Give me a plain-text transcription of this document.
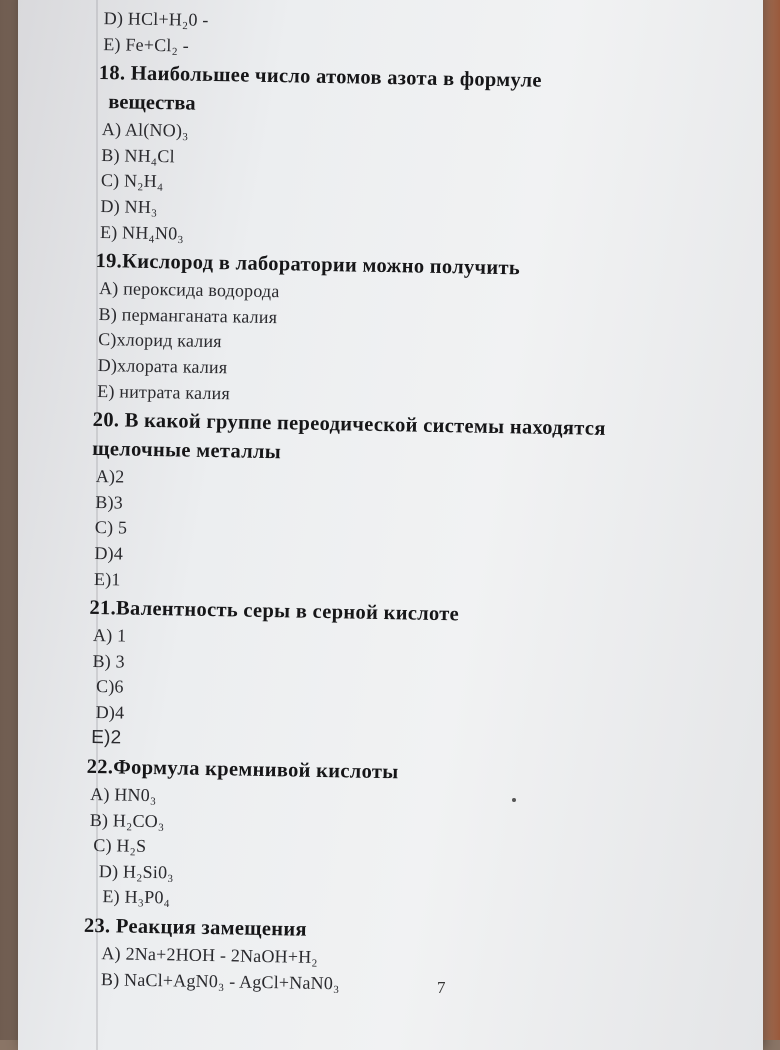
D) HCl+H₂0 -
E) Fe+Cl₂ -
18. Наибольшее число атомов азота в формуле
вещества
A) Al(NO)₃
B) NH₄Cl
C) N₂H₄
D) NH₃
E) NH₄N0₃
19.Кислород в лаборатории можно получить
A) пероксида водорода
B) перманганата калия
C)хлорид калия
D)хлората калия
E) нитрата калия
20. В какой группе переодической системы находятся
щелочные металлы
A)2
B)3
C) 5
D)4
E)1
21.Валентность серы в серной кислоте
A) 1
B) 3
C)6
D)4
E)2
22.Формула кремнивой кислоты
A) HN0₃
B) H₂CO₃
C) H₂S
D) H₂Si0₃
E) H₃P0₄
23. Реакция замещения
A) 2Na+2HOH - 2NaOH+H₂
B) NaCl+AgN0₃ - AgCl+NaN0₃	7
